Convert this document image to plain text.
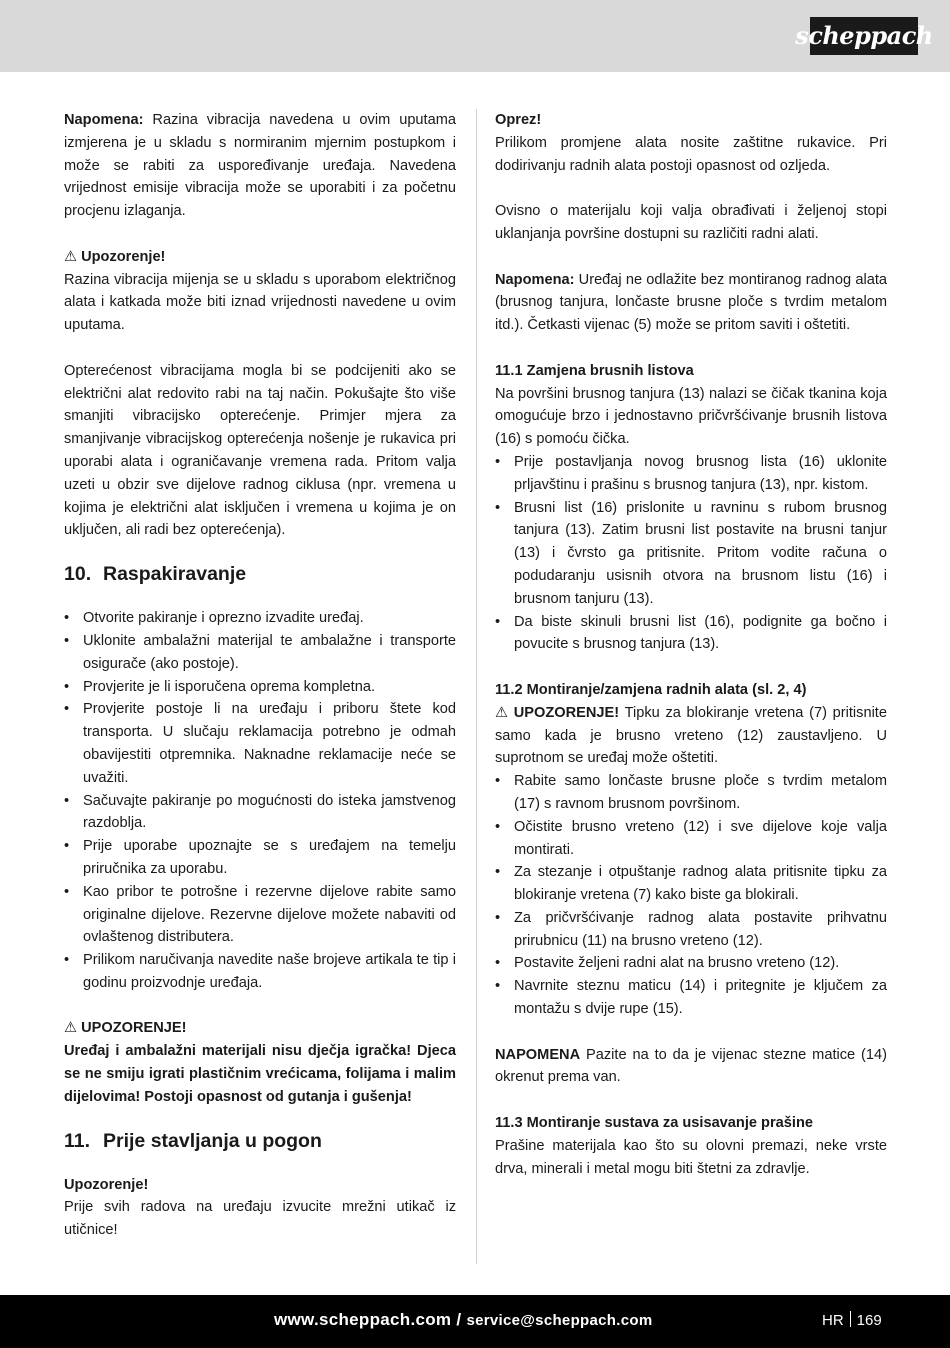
scheppach

Napomena: Razina vibracija navedena u ovim uputama izmjerena je u skladu s normiranim mjernim postupkom i može se rabiti za uspoređivanje uređaja. Navedena vrijednost emisije vibracija može se uporabiti i za početnu procjenu izlaganja.

⚠ Upozorenje!

Razina vibracija mijenja se u skladu s uporabom električnog alata i katkada može biti iznad vrijednosti navedene u ovim uputama.

Opterećenost vibracijama mogla bi se podcijeniti ako se električni alat redovito rabi na taj način. Pokušajte što više smanjiti vibracijsko opterećenje. Primjer mjera za smanjivanje vibracijskog opterećenja nošenje je rukavica pri uporabi alata i ograničavanje vremena rada. Pritom valja uzeti u obzir sve dijelove radnog ciklusa (npr. vremena u kojima je električni alat isključen i vremena u kojima je on uključen, ali radi bez opterećenja).

10. Raspakiravanje
• Otvorite pakiranje i oprezno izvadite uređaj.
• Uklonite ambalažni materijal te ambalažne i transporte osigurače (ako postoje).
• Provjerite je li isporučena oprema kompletna.
• Provjerite postoje li na uređaju i priboru štete kod transporta. U slučaju reklamacija potrebno je odmah obavijestiti otpremnika. Naknadne reklamacije neće se uvažiti.
• Sačuvajte pakiranje po mogućnosti do isteka jamstvenog razdoblja.
• Prije uporabe upoznajte se s uređajem na temelju priručnika za uporabu.
• Kao pribor te potrošne i rezervne dijelove rabite samo originalne dijelove. Rezervne dijelove možete nabaviti od ovlaštenog distributera.
• Prilikom naručivanja navedite naše brojeve artikala te tip i godinu proizvodnje uređaja.

⚠ UPOZORENJE!

Uređaj i ambalažni materijali nisu dječja igračka! Djeca se ne smiju igrati plastičnim vrećicama, folijama i malim dijelovima! Postoji opasnost od gutanja i gušenja!

11. Prije stavljanja u pogon

Upozorenje!

Prije svih radova na uređaju izvucite mrežni utikač iz utičnice!

Oprez!

Prilikom promjene alata nosite zaštitne rukavice. Pri dodirivanju radnih alata postoji opasnost od ozljeda.

Ovisno o materijalu koji valja obrađivati i željenoj stopi uklanjanja površine dostupni su različiti radni alati.

Napomena: Uređaj ne odlažite bez montiranog radnog alata (brusnog tanjura, lončaste brusne ploče s tvrdim metalom itd.). Četkasti vijenac (5) može se pritom saviti i oštetiti.

11.1 Zamjena brusnih listova

Na površini brusnog tanjura (13) nalazi se čičak tkanina koja omogućuje brzo i jednostavno pričvršćivanje brusnih listova (16) s pomoću čička.

• Prije postavljanja novog brusnog lista (16) uklonite prljavštinu i prašinu s brusnog tanjura (13), npr. kistom.
• Brusni list (16) prislonite u ravninu s rubom brusnog tanjura (13). Zatim brusni list postavite na brusni tanjur (13) i čvrsto ga pritisnite. Pritom vodite računa o podudaranju usisnih otvora na brusnom listu (16) i brusnom tanjuru (13).
• Da biste skinuli brusni list (16), podignite ga bočno i povucite s brusnog tanjura (13).

11.2 Montiranje/zamjena radnih alata (sl. 2, 4)

⚠ UPOZORENJE! Tipku za blokiranje vretena (7) pritisnite samo kada je brusno vreteno (12) zaustavljeno. U suprotnom se uređaj može oštetiti.

• Rabite samo lončaste brusne ploče s tvrdim metalom (17) s ravnom brusnom površinom.
• Očistite brusno vreteno (12) i sve dijelove koje valja montirati.
• Za stezanje i otpuštanje radnog alata pritisnite tipku za blokiranje vretena (7) kako biste ga blokirali.
• Za pričvršćivanje radnog alata postavite prihvatnu prirubnicu (11) na brusno vreteno (12).
• Postavite željeni radni alat na brusno vreteno (12).
• Navrnite steznu maticu (14) i pritegnite je ključem za montažu s dvije rupe (15).

NAPOMENA Pazite na to da je vijenac stezne matice (14) okrenut prema van.

11.3 Montiranje sustava za usisavanje prašine

Prašine materijala kao što su olovni premazi, neke vrste drva, minerali i metal mogu biti štetni za zdravlje.

www.scheppach.com / service@scheppach.com	HR 169
